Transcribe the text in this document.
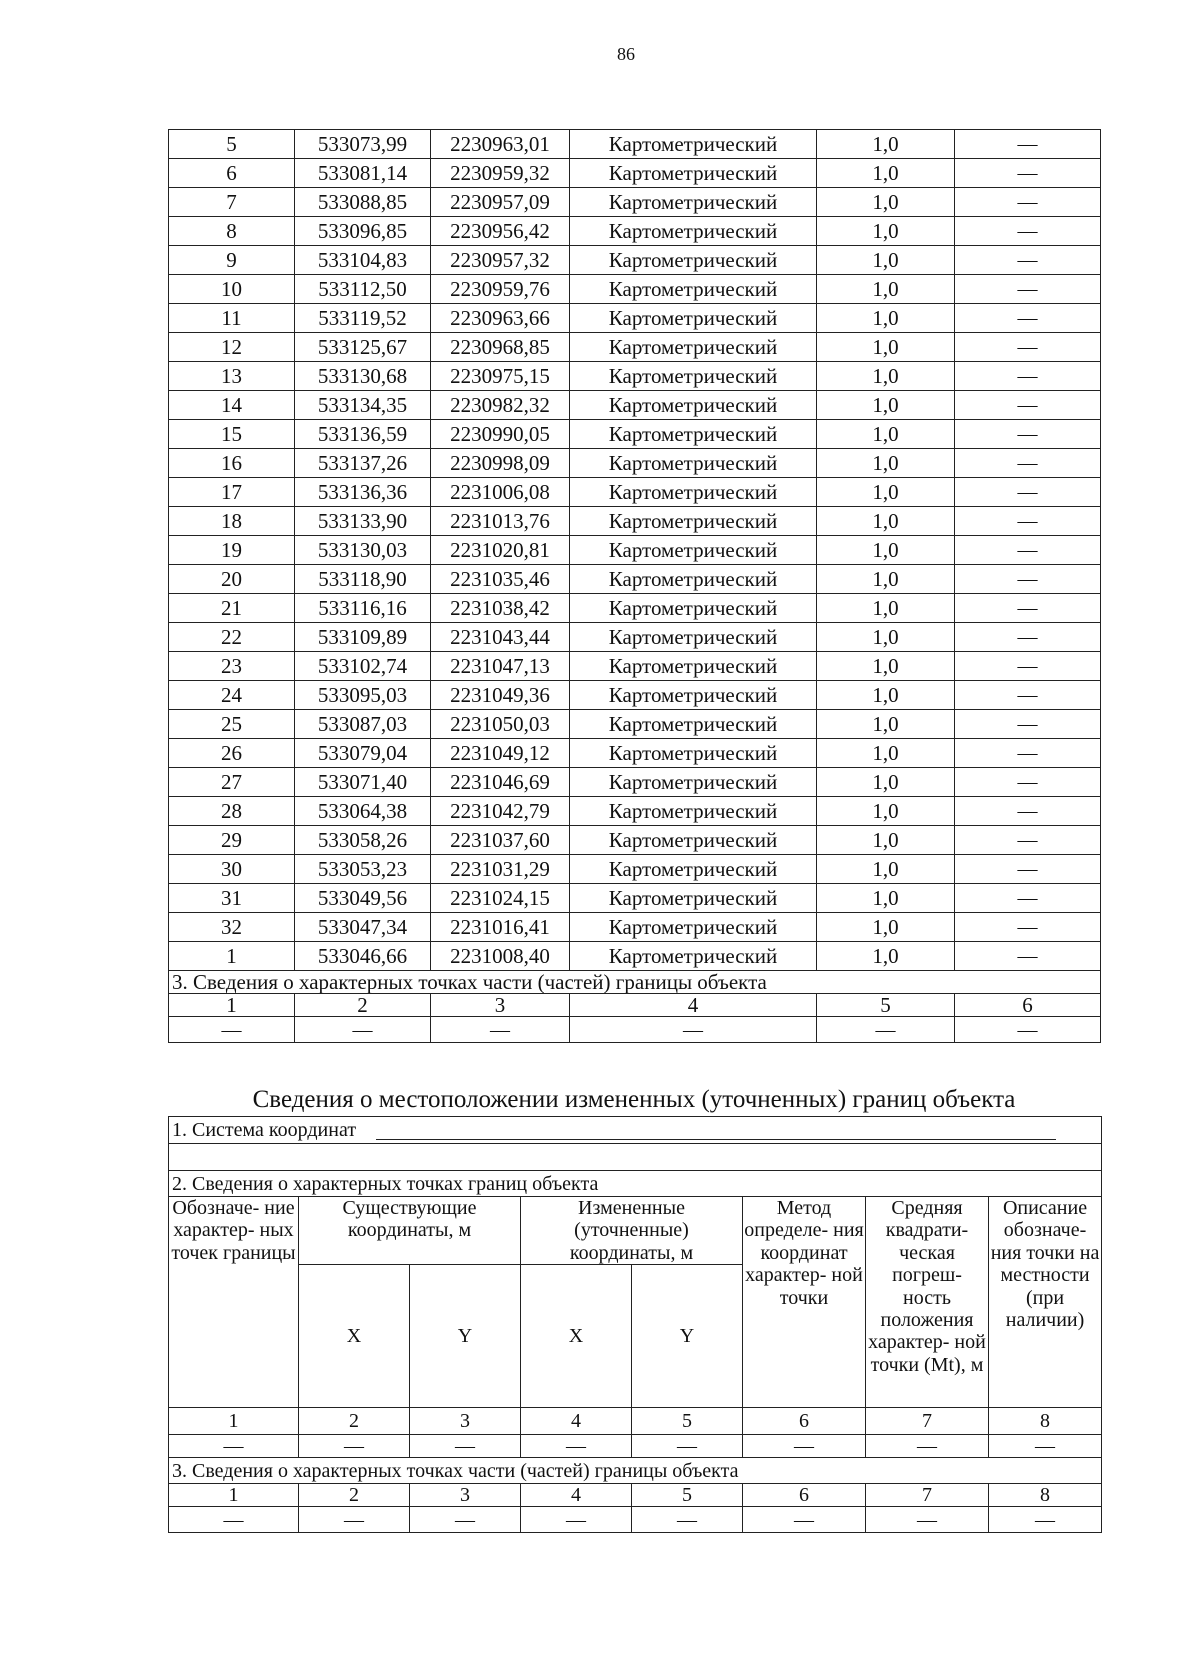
86
5	533073,99	2230963,01	Картометрический	1,0	—
6	533081,14	2230959,32	Картометрический	1,0	—
7	533088,85	2230957,09	Картометрический	1,0	—
8	533096,85	2230956,42	Картометрический	1,0	—
9	533104,83	2230957,32	Картометрический	1,0	—
10	533112,50	2230959,76	Картометрический	1,0	—
11	533119,52	2230963,66	Картометрический	1,0	—
12	533125,67	2230968,85	Картометрический	1,0	—
13	533130,68	2230975,15	Картометрический	1,0	—
14	533134,35	2230982,32	Картометрический	1,0	—
15	533136,59	2230990,05	Картометрический	1,0	—
16	533137,26	2230998,09	Картометрический	1,0	—
17	533136,36	2231006,08	Картометрический	1,0	—
18	533133,90	2231013,76	Картометрический	1,0	—
19	533130,03	2231020,81	Картометрический	1,0	—
20	533118,90	2231035,46	Картометрический	1,0	—
21	533116,16	2231038,42	Картометрический	1,0	—
22	533109,89	2231043,44	Картометрический	1,0	—
23	533102,74	2231047,13	Картометрический	1,0	—
24	533095,03	2231049,36	Картометрический	1,0	—
25	533087,03	2231050,03	Картометрический	1,0	—
26	533079,04	2231049,12	Картометрический	1,0	—
27	533071,40	2231046,69	Картометрический	1,0	—
28	533064,38	2231042,79	Картометрический	1,0	—
29	533058,26	2231037,60	Картометрический	1,0	—
30	533053,23	2231031,29	Картометрический	1,0	—
31	533049,56	2231024,15	Картометрический	1,0	—
32	533047,34	2231016,41	Картометрический	1,0	—
1	533046,66	2231008,40	Картометрический	1,0	—
3. Сведения о характерных точках части (частей) границы объекта					
1	2	3	4	5	6
—	—	—	—	—	—
Сведения о местоположении измененных (уточненных) границ объекта
1. Система координат							

2. Сведения о характерных точках границ объекта							
Обозначе- ние характер- ных точек границы	Существующие координаты, м		Измененные (уточненные) координаты, м		Метод определе- ния координат характер- ной точки	Средняя квадрати- ческая погреш- ность положения характер- ной точки (Mt), м	Описание обозначе- ния точки на местности (при наличии)
	X	Y	X	Y			
1	2	3	4	5	6	7	8
—	—	—	—	—	—	—	—
3. Сведения о характерных точках части (частей) границы объекта							
1	2	3	4	5	6	7	8
—	—	—	—	—	—	—	—
